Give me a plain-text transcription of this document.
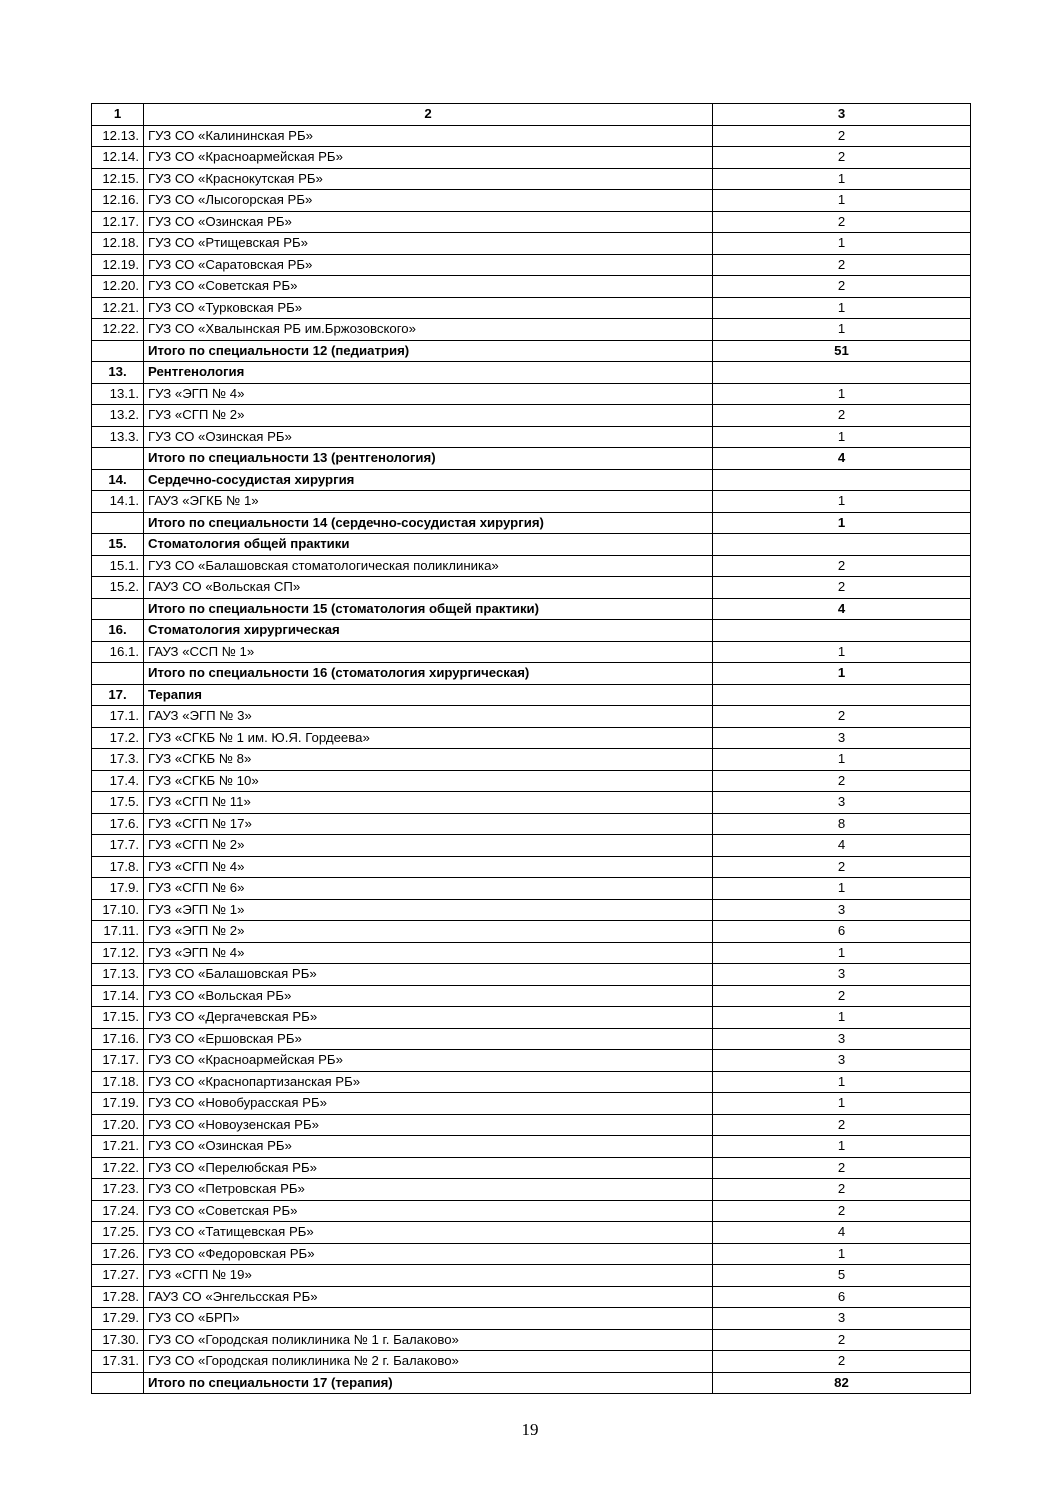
1	2	3
12.13.	ГУЗ СО «Калининская РБ»	2
12.14.	ГУЗ СО «Красноармейская РБ»	2
12.15.	ГУЗ СО «Краснокутская РБ»	1
12.16.	ГУЗ СО «Лысогорская РБ»	1
12.17.	ГУЗ СО «Озинская РБ»	2
12.18.	ГУЗ СО «Ртищевская РБ»	1
12.19.	ГУЗ СО «Саратовская РБ»	2
12.20.	ГУЗ СО «Советская РБ»	2
12.21.	ГУЗ СО «Турковская РБ»	1
12.22.	ГУЗ СО «Хвалынская РБ им.Бржозовского»	1
	Итого по специальности 12 (педиатрия)	51
13.	Рентгенология	
13.1.	ГУЗ «ЭГП № 4»	1
13.2.	ГУЗ «СГП № 2»	2
13.3.	ГУЗ СО «Озинская РБ»	1
	Итого по специальности 13 (рентгенология)	4
14.	Сердечно-сосудистая хирургия	
14.1.	ГАУЗ «ЭГКБ № 1»	1
	Итого по специальности 14 (сердечно-сосудистая хирургия)	1
15.	Стоматология общей практики	
15.1.	ГУЗ СО «Балашовская стоматологическая поликлиника»	2
15.2.	ГАУЗ СО «Вольская СП»	2
	Итого по специальности 15 (стоматология общей практики)	4
16.	Стоматология хирургическая	
16.1.	ГАУЗ «ССП № 1»	1
	Итого по специальности 16 (стоматология хирургическая)	1
17.	Терапия	
17.1.	ГАУЗ «ЭГП № 3»	2
17.2.	ГУЗ «СГКБ № 1 им. Ю.Я. Гордеева»	3
17.3.	ГУЗ «СГКБ № 8»	1
17.4.	ГУЗ «СГКБ № 10»	2
17.5.	ГУЗ «СГП № 11»	3
17.6.	ГУЗ «СГП № 17»	8
17.7.	ГУЗ «СГП № 2»	4
17.8.	ГУЗ «СГП № 4»	2
17.9.	ГУЗ «СГП № 6»	1
17.10.	ГУЗ «ЭГП № 1»	3
17.11.	ГУЗ «ЭГП № 2»	6
17.12.	ГУЗ «ЭГП № 4»	1
17.13.	ГУЗ СО «Балашовская РБ»	3
17.14.	ГУЗ СО «Вольская РБ»	2
17.15.	ГУЗ СО «Дергачевская РБ»	1
17.16.	ГУЗ СО «Ершовская РБ»	3
17.17.	ГУЗ СО «Красноармейская РБ»	3
17.18.	ГУЗ СО «Краснопартизанская РБ»	1
17.19.	ГУЗ СО «Новобурасская РБ»	1
17.20.	ГУЗ СО «Новоузенская РБ»	2
17.21.	ГУЗ СО «Озинская РБ»	1
17.22.	ГУЗ СО «Перелюбская РБ»	2
17.23.	ГУЗ СО «Петровская РБ»	2
17.24.	ГУЗ СО «Советская РБ»	2
17.25.	ГУЗ СО «Татищевская РБ»	4
17.26.	ГУЗ СО «Федоровская РБ»	1
17.27.	ГУЗ «СГП № 19»	5
17.28.	ГАУЗ СО «Энгельсская РБ»	6
17.29.	ГУЗ СО «БРП»	3
17.30.	ГУЗ СО «Городская поликлиника № 1 г. Балаково»	2
17.31.	ГУЗ СО «Городская поликлиника № 2 г. Балаково»	2
	Итого по специальности 17 (терапия)	82
19
